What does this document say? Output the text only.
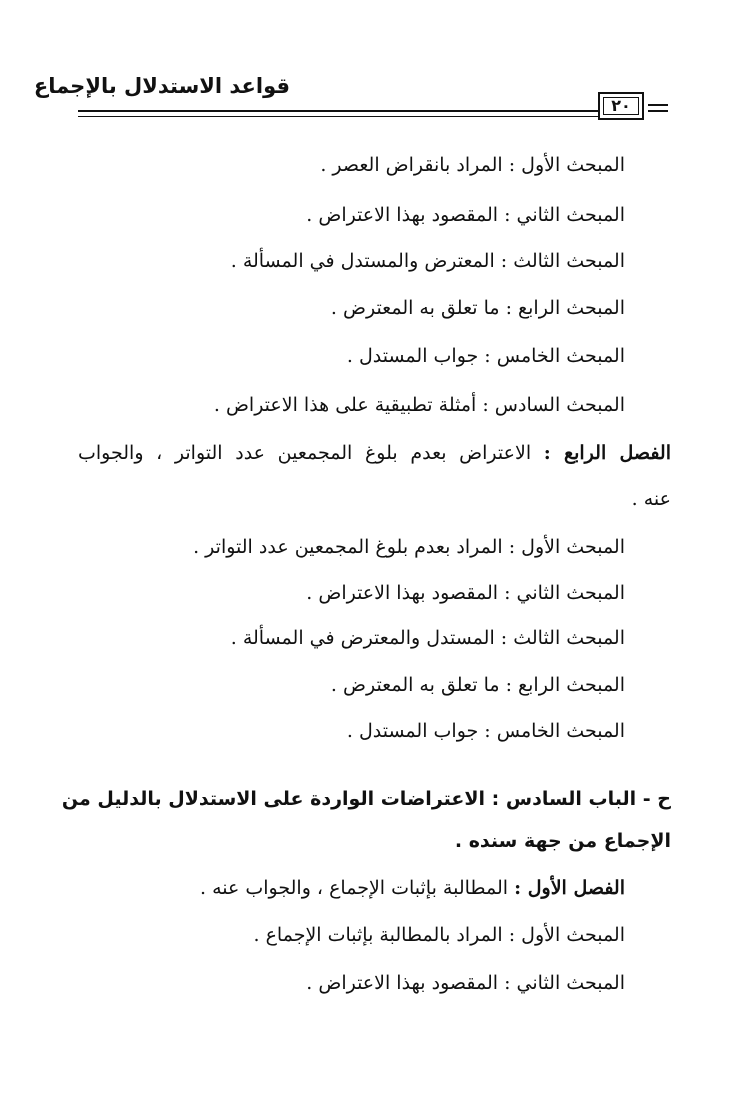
قواعد الاستدلال بالإجماع
٢٠
المبحث الأول : المراد بانقراض العصر .
المبحث الثاني : المقصود بهذا الاعتراض .
المبحث الثالث : المعترض والمستدل في المسألة .
المبحث الرابع : ما تعلق به المعترض .
المبحث الخامس : جواب المستدل .
المبحث السادس : أمثلة تطبيقية على هذا الاعتراض .
الفصل الرابع : الاعتراض بعدم بلوغ المجمعين عدد التواتر ، والجواب
عنه .
المبحث الأول : المراد بعدم بلوغ المجمعين عدد التواتر .
المبحث الثاني : المقصود بهذا الاعتراض .
المبحث الثالث : المستدل والمعترض في المسألة .
المبحث الرابع : ما تعلق به المعترض .
المبحث الخامس : جواب المستدل .
ح - الباب السادس : الاعتراضات الواردة على الاستدلال بالدليل من
الإجماع من جهة سنده .
الفصل الأول : المطالبة بإثبات الإجماع ، والجواب عنه .
المبحث الأول : المراد بالمطالبة بإثبات الإجماع .
المبحث الثاني : المقصود بهذا الاعتراض .
